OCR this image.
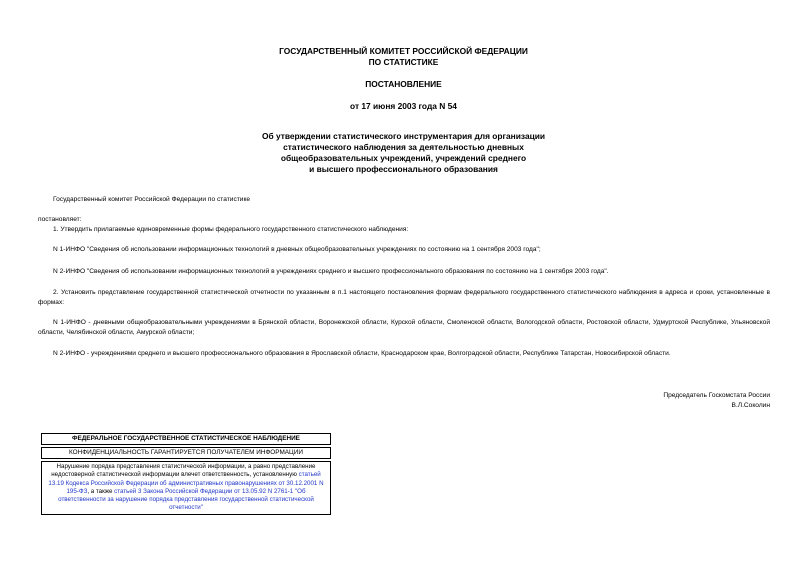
ГОСУДАРСТВЕННЫЙ КОМИТЕТ РОССИЙСКОЙ ФЕДЕРАЦИИ
ПО СТАТИСТИКЕ
ПОСТАНОВЛЕНИЕ
от 17 июня 2003 года N 54
Об утверждении статистического инструментария для организации
статистического наблюдения за деятельностью дневных
общеобразовательных учреждений, учреждений среднего
и высшего профессионального образования
Государственный комитет Российской Федерации по статистике
постановляет:
1. Утвердить прилагаемые единовременные формы федерального государственного статистического наблюдения:
N 1-ИНФО "Сведения об использовании информационных технологий в дневных общеобразовательных учреждениях по состоянию на 1 сентября 2003 года";
N 2-ИНФО "Сведения об использовании информационных технологий в учреждениях среднего и высшего профессионального образования по состоянию на 1 сентября 2003 года".
2. Установить представление государственной статистической отчетности по указанным в п.1 настоящего постановления формам федерального государственного статистического наблюдения в адреса и сроки, установленные в формах:
N 1-ИНФО - дневными общеобразовательными учреждениями в Брянской области, Воронежской области, Курской области, Смоленской области, Вологодской области, Ростовской области, Удмуртской Республике, Ульяновской области, Челябинской области, Амурской области;
N 2-ИНФО - учреждениями среднего и высшего профессионального образования в Ярославской области, Краснодарском крае, Волгоградской области, Республике Татарстан, Новосибирской области.
Председатель Госкомстата России
В.Л.Соколин
ФЕДЕРАЛЬНОЕ ГОСУДАРСТВЕННОЕ СТАТИСТИЧЕСКОЕ НАБЛЮДЕНИЕ
КОНФИДЕНЦИАЛЬНОСТЬ ГАРАНТИРУЕТСЯ ПОЛУЧАТЕЛЕМ ИНФОРМАЦИИ
Нарушение порядка представления статистической информации, а равно представление недостоверной статистической информации влечет ответственность, установленную статьей 13.19 Кодекса Российской Федерации об административных правонарушениях от 30.12.2001 N 195-ФЗ, а также статьей 3 Закона Российской Федерации от 13.05.92 N 2761-1 "Об ответственности за нарушение порядка представления государственной статистической отчетности"
